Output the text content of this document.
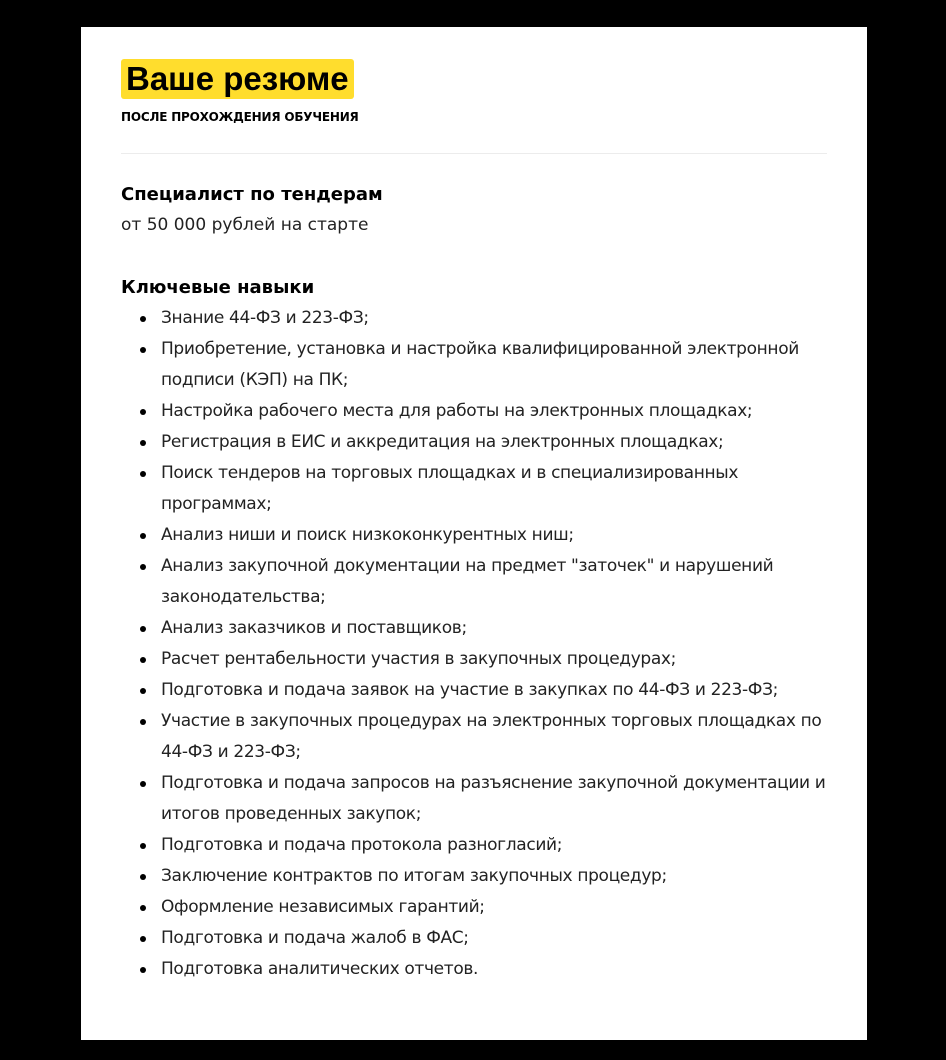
Ваше резюме
ПОСЛЕ ПРОХОЖДЕНИЯ ОБУЧЕНИЯ
Специалист по тендерам
от 50 000 рублей на старте
Ключевые навыки
Знание 44-ФЗ и 223-ФЗ;
Приобретение, установка и настройка квалифицированной электронной подписи (КЭП) на ПК;
Настройка рабочего места для работы на электронных площадках;
Регистрация в ЕИС и аккредитация на электронных площадках;
Поиск тендеров на торговых площадках и в специализированных программах;
Анализ ниши и поиск низкоконкурентных ниш;
Анализ закупочной документации на предмет "заточек" и нарушений законодательства;
Анализ заказчиков и поставщиков;
Расчет рентабельности участия в закупочных процедурах;
Подготовка и подача заявок на участие в закупках по 44-ФЗ и 223-ФЗ;
Участие в закупочных процедурах на электронных торговых площадках по 44-ФЗ и 223-ФЗ;
Подготовка и подача запросов на разъяснение закупочной документации и итогов проведенных закупок;
Подготовка и подача протокола разногласий;
Заключение контрактов по итогам закупочных процедур;
Оформление независимых гарантий;
Подготовка и подача жалоб в ФАС;
Подготовка аналитических отчетов.
